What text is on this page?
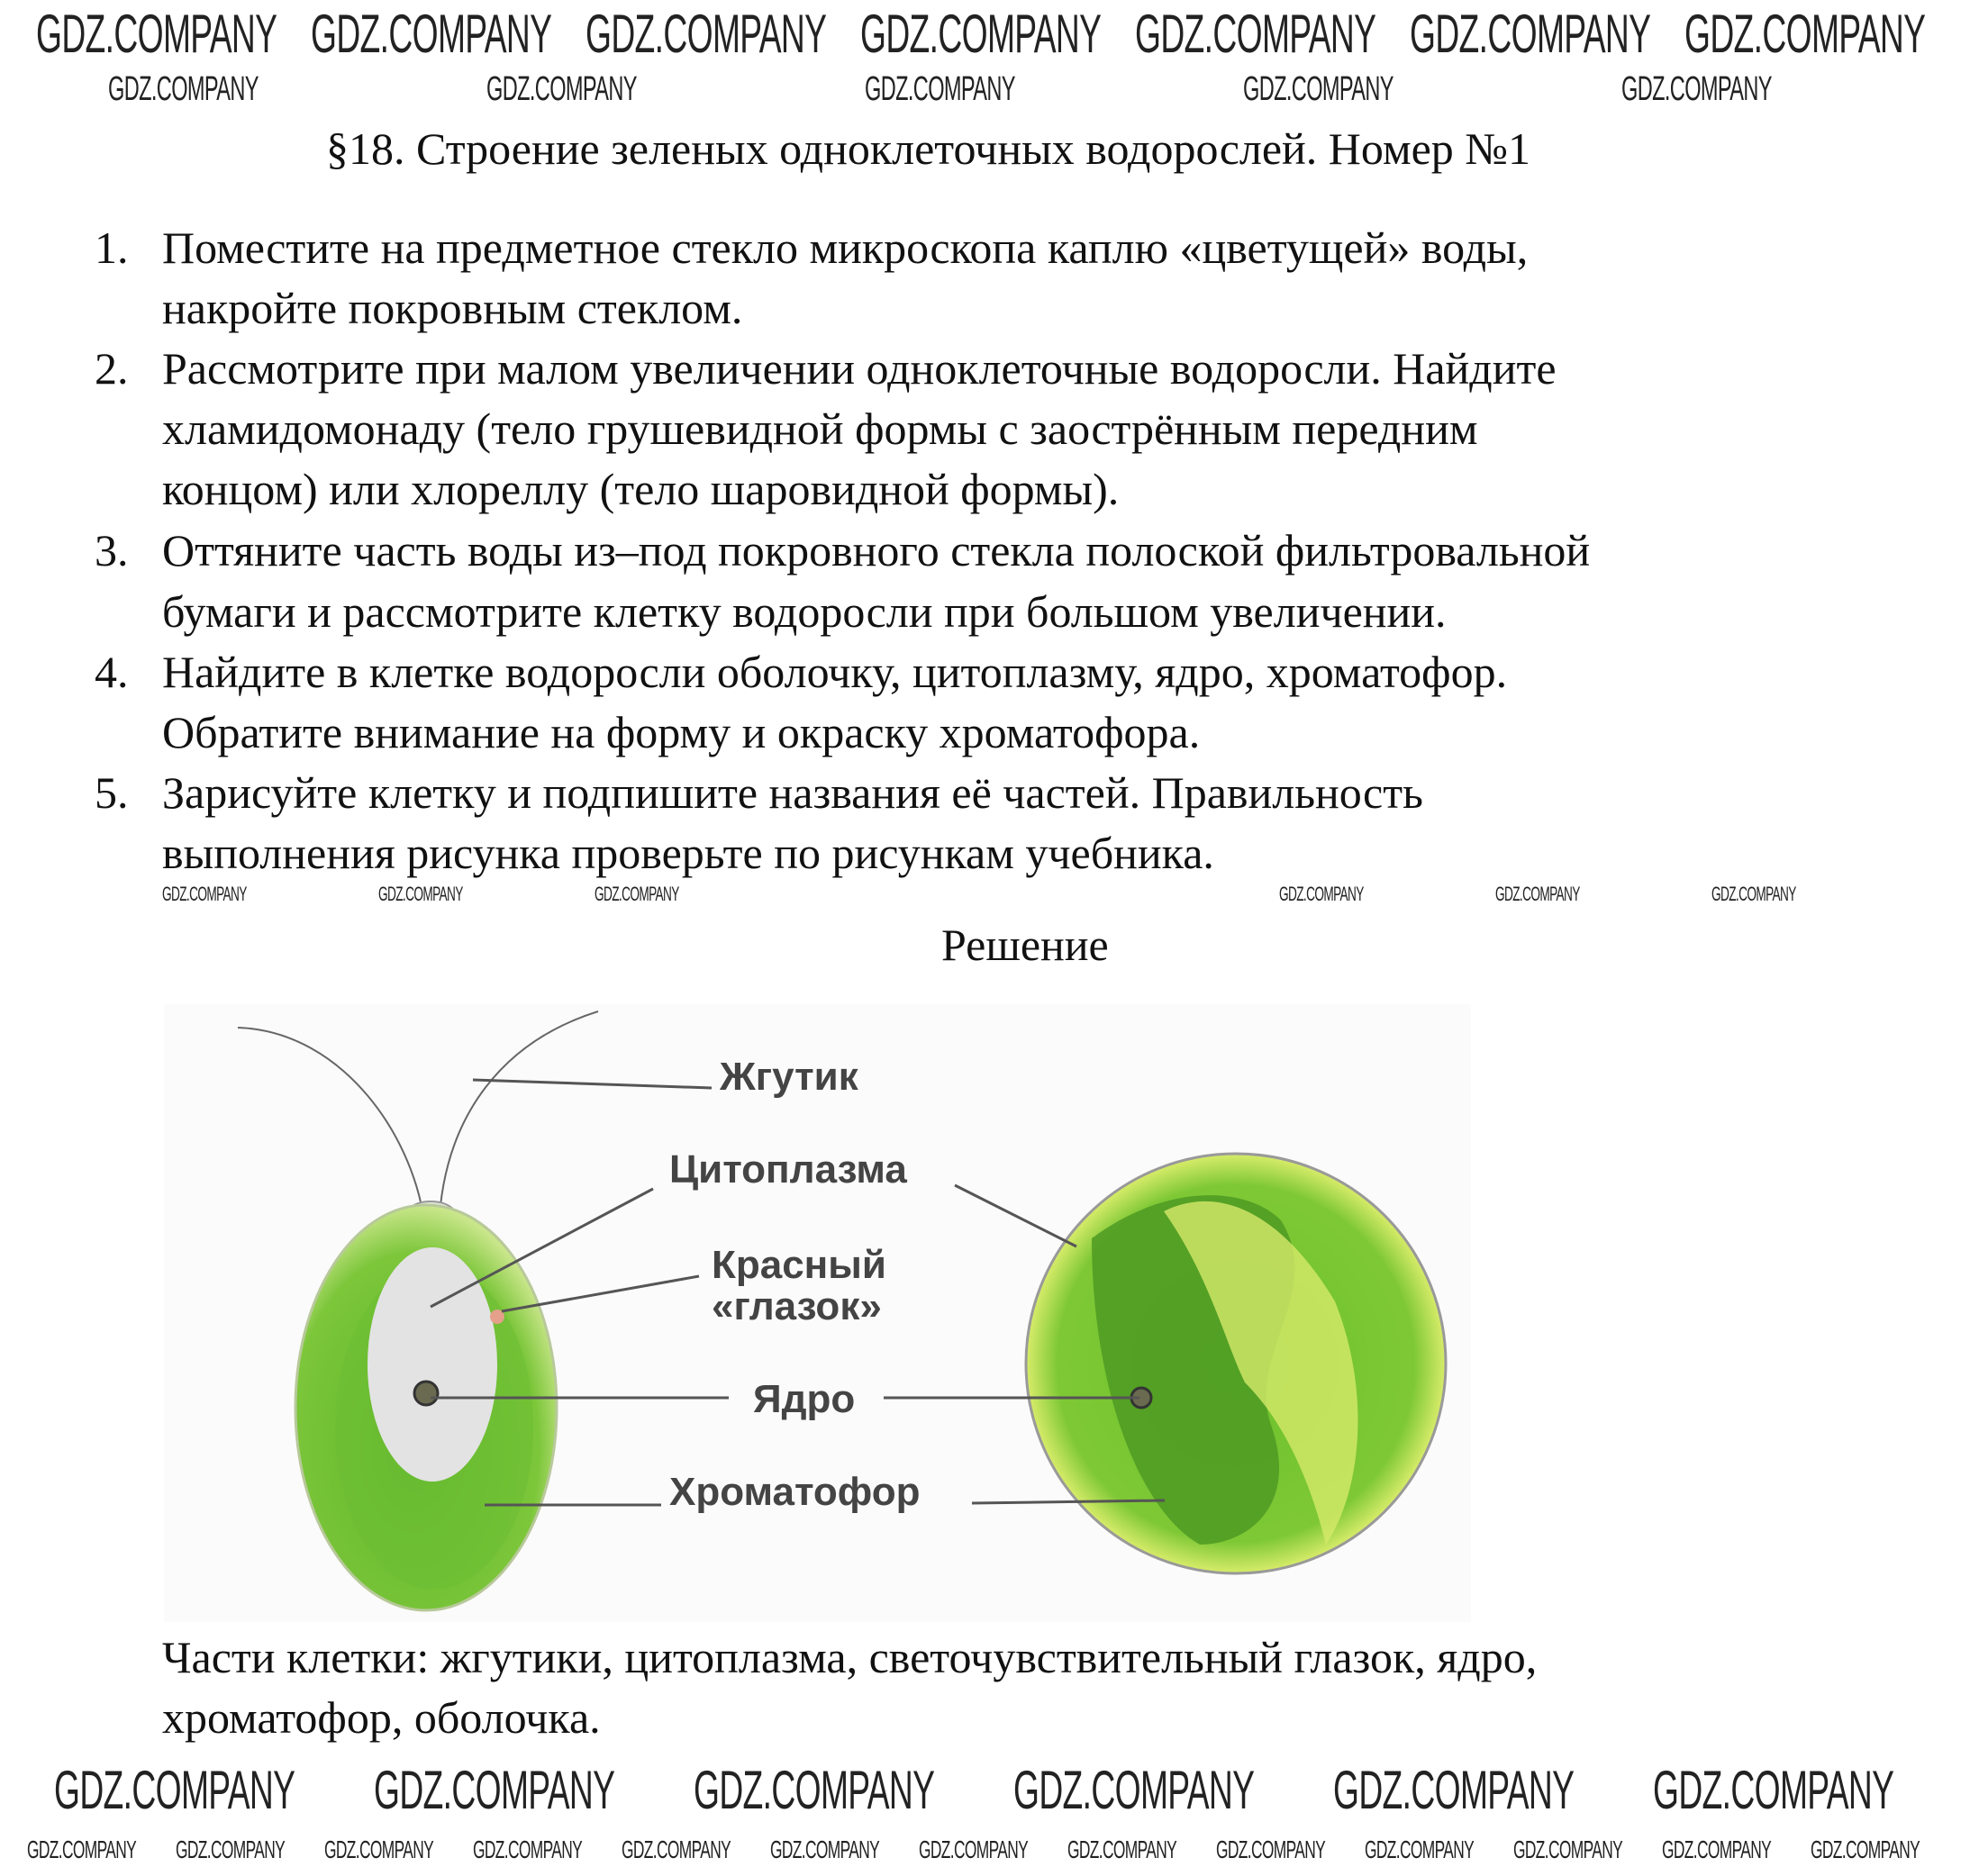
§18. Строение зеленых одноклеточных водорослей. Номер №1
1. Поместите на предметное стекло микроскопа каплю «цветущей» воды,
накройте покровным стеклом.
2. Рассмотрите при малом увеличении одноклеточные водоросли. Найдите
хламидомонаду (тело грушевидной формы с заострённым передним
концом) или хлореллу (тело шаровидной формы).
3. Оттяните часть воды из–под покровного стекла полоской фильтровальной
бумаги и рассмотрите клетку водоросли при большом увеличении.
4. Найдите в клетке водоросли оболочку, цитоплазму, ядро, хроматофор.
Обратите внимание на форму и окраску хроматофора.
5. Зарисуйте клетку и подпишите названия её частей. Правильность
выполнения рисунка проверьте по рисункам учебника.
Решение
Жгутик
Цитоплазма
Красный
«глазок»
Ядро
Хроматофор
Части клетки: жгутики, цитоплазма, светочувствительный глазок, ядро,
хроматофор, оболочка.
GDZ.COMPANY GDZ.COMPANY GDZ.COMPANY GDZ.COMPANY GDZ.COMPANY GDZ.COMPANY GDZ.COMPANY
GDZ.COMPANY	GDZ.COMPANY	GDZ.COMPANY	GDZ.COMPANY	GDZ.COMPANY
GDZ.COMPANY	GDZ.COMPANY	GDZ.COMPANY	GDZ.COMPANY	GDZ.COMPANY	GDZ.COMPANY
GDZ.COMPANY GDZ.COMPANY GDZ.COMPANY GDZ.COMPANY GDZ.COMPANY GDZ.COMPANY
GDZ.COMPANY GDZ.COMPANY GDZ.COMPANY GDZ.COMPANY GDZ.COMPANY GDZ.COMPANY GDZ.COMPANY GDZ.COMPANY GDZ.COMPANY GDZ.COMPANY GDZ.COMPANY GDZ.COMPANY GDZ.COMPANY
